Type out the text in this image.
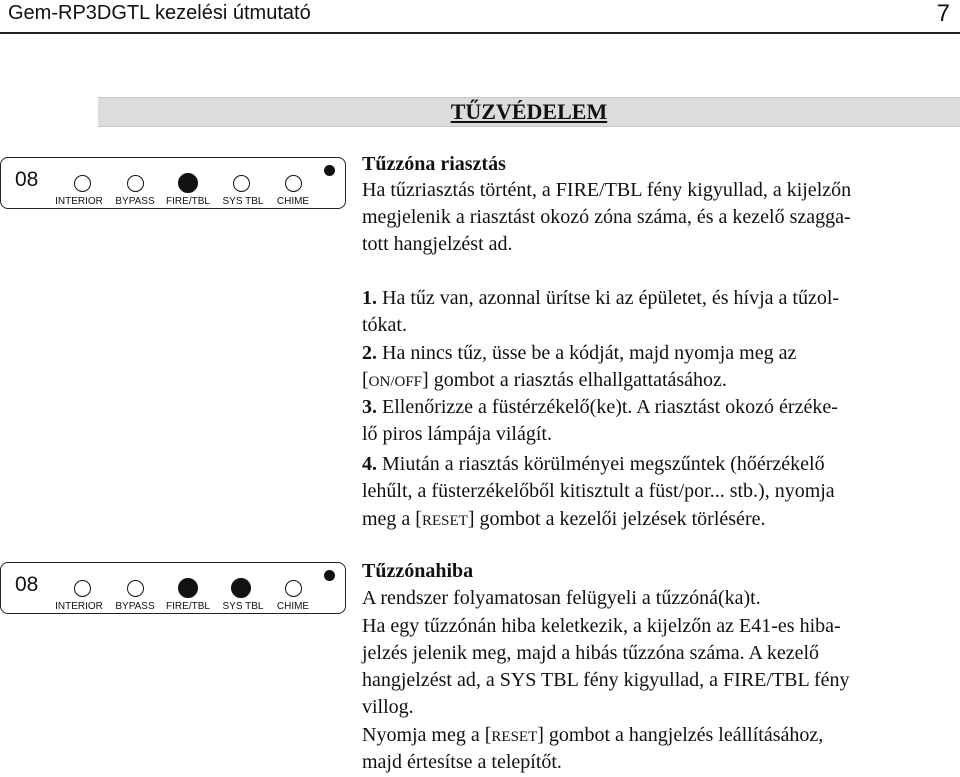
Gem-RP3DGTL kezelési útmutató	7
TŰZVÉDELEM
08
INTERIOR	BYPASS	FIRE/TBL	SYS TBL	CHIME
Tűzzóna riasztás
Ha tűzriasztás történt, a FIRE/TBL fény kigyullad, a kijelzőn
megjelenik a riasztást okozó zóna száma, és a kezelő szagga-
tott hangjelzést ad.
1. Ha tűz van, azonnal ürítse ki az épületet, és hívja a tűzol-
tókat.
2. Ha nincs tűz, üsse be a kódját, majd nyomja meg az
[ON/OFF] gombot a riasztás elhallgattatásához.
3. Ellenőrizze a füstérzékelő(ke)t. A riasztást okozó érzéke-
lő piros lámpája világít.
4. Miután a riasztás körülményei megszűntek (hőérzékelő
lehűlt, a füsterzékelőből kitisztult a füst/por... stb.), nyomja
meg a [RESET] gombot a kezelői jelzések törlésére.
08
INTERIOR	BYPASS	FIRE/TBL	SYS TBL	CHIME
Tűzzónahiba
A rendszer folyamatosan felügyeli a tűzzóná(ka)t.
Ha egy tűzzónán hiba keletkezik, a kijelzőn az E41-es hiba-
jelzés jelenik meg, majd a hibás tűzzóna száma. A kezelő
hangjelzést ad, a SYS TBL fény kigyullad, a FIRE/TBL fény
villog.
Nyomja meg a [RESET] gombot a hangjelzés leállításához,
majd értesítse a telepítőt.
